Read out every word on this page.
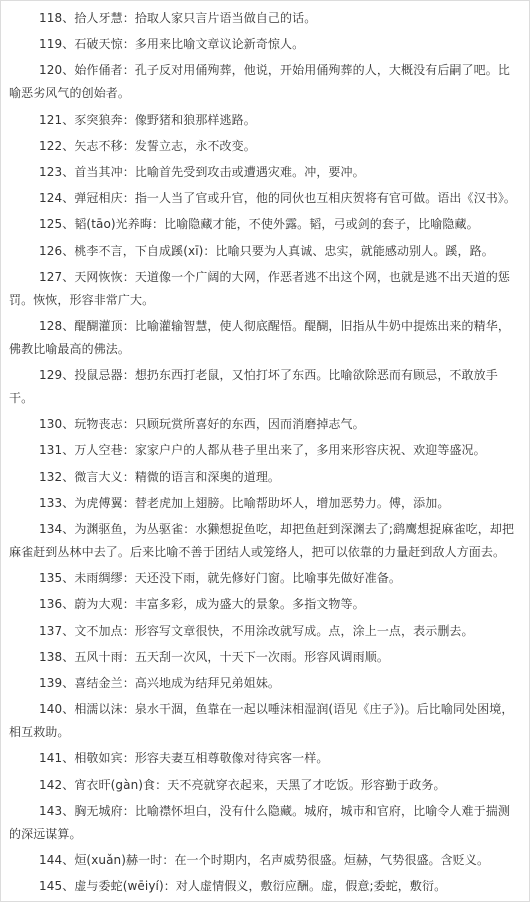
118、拾人牙慧：拾取人家只言片语当做自己的话。

119、石破天惊：多用来比喻文章议论新奇惊人。

120、始作俑者：孔子反对用俑殉葬，他说，开始用俑殉葬的人，大概没有后嗣了吧。比喻恶劣风气的创始者。

121、豕突狼奔：像野猪和狼那样逃路。

122、矢志不移：发誓立志，永不改变。

123、首当其冲：比喻首先受到攻击或遭遇灾难。冲，要冲。

124、弹冠相庆：指一人当了官或升官，他的同伙也互相庆贺将有官可做。语出《汉书》。

125、韬(tāo)光养晦：比喻隐藏才能，不使外露。韬，弓或剑的套子，比喻隐藏。

126、桃李不言，下自成蹊(xī)：比喻只要为人真诚、忠实，就能感动别人。蹊，路。

127、天网恢恢：天道像一个广阔的大网，作恶者逃不出这个网，也就是逃不出天道的惩罚。恢恢，形容非常广大。

128、醍醐灌顶：比喻灌输智慧，使人彻底醒悟。醍醐，旧指从牛奶中提炼出来的精华，佛教比喻最高的佛法。

129、投鼠忌器：想扔东西打老鼠，又怕打坏了东西。比喻欲除恶而有顾忌，不敢放手干。

130、玩物丧志：只顾玩赏所喜好的东西，因而消磨掉志气。

131、万人空巷：家家户户的人都从巷子里出来了，多用来形容庆祝、欢迎等盛况。

132、微言大义：精微的语言和深奥的道理。

133、为虎傅翼：替老虎加上翅膀。比喻帮助坏人，增加恶势力。傅，添加。

134、为渊驱鱼，为丛驱雀：水獭想捉鱼吃，却把鱼赶到深渊去了;鹞鹰想捉麻雀吃，却把麻雀赶到丛林中去了。后来比喻不善于团结人或笼络人，把可以依靠的力量赶到敌人方面去。

135、未雨绸缪：天还没下雨，就先修好门窗。比喻事先做好准备。

136、蔚为大观：丰富多彩，成为盛大的景象。多指文物等。

137、文不加点：形容写文章很快，不用涂改就写成。点，涂上一点，表示删去。

138、五风十雨：五天刮一次风，十天下一次雨。形容风调雨顺。

139、喜结金兰：高兴地成为结拜兄弟姐妹。

140、相濡以沫：泉水干涸，鱼靠在一起以唾沫相湿润(语见《庄子》)。后比喻同处困境，相互救助。

141、相敬如宾：形容夫妻互相尊敬像对待宾客一样。

142、宵衣旰(gàn)食：天不亮就穿衣起来，天黑了才吃饭。形容勤于政务。

143、胸无城府：比喻襟怀坦白，没有什么隐藏。城府，城市和官府，比喻令人难于揣测的深远谋算。

144、烜(xuǎn)赫一时：在一个时期内，名声威势很盛。烜赫，气势很盛。含贬义。

145、虚与委蛇(wēiyí)：对人虚情假义，敷衍应酬。虚，假意;委蛇，敷衍。
